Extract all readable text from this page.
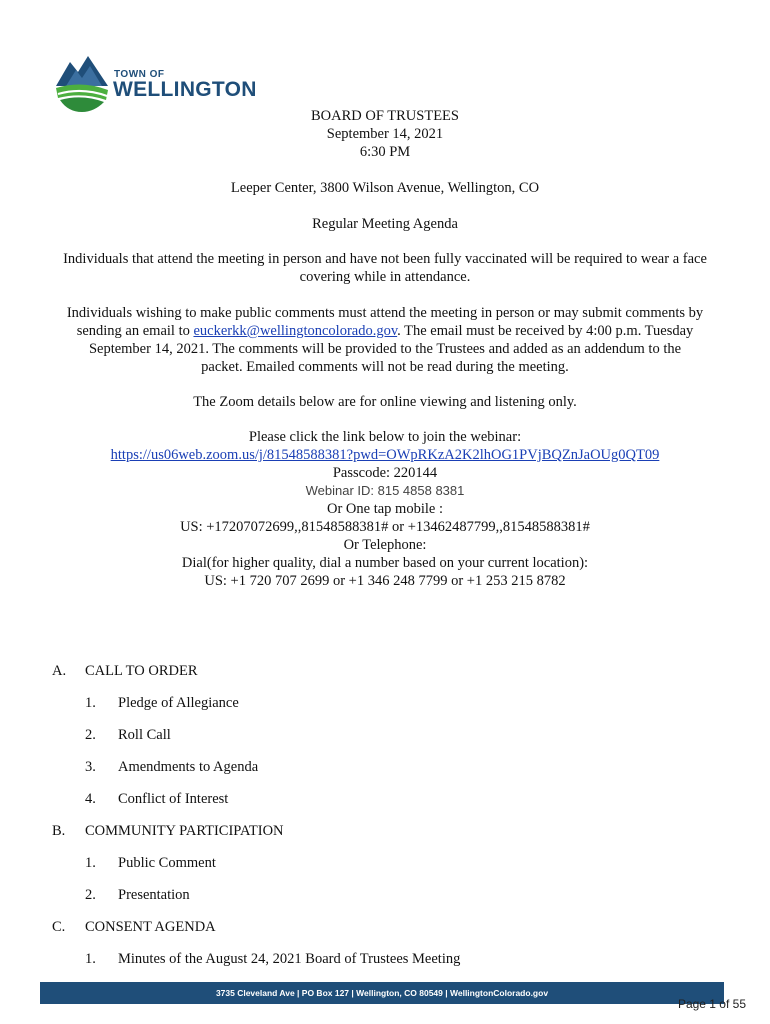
TOWN OF
WELLINGTON
BOARD OF TRUSTEES
September 14, 2021
6:30 PM
Leeper Center, 3800 Wilson Avenue, Wellington, CO
Regular Meeting Agenda
Individuals that attend the meeting in person and have not been fully vaccinated will be required to wear a face
covering while in attendance.
Individuals wishing to make public comments must attend the meeting in person or may submit comments by
sending an email to euckerkk@wellingtoncolorado.gov. The email must be received by 4:00 p.m. Tuesday
September 14, 2021. The comments will be provided to the Trustees and added as an addendum to the
packet. Emailed comments will not be read during the meeting.
The Zoom details below are for online viewing and listening only.
Please click the link below to join the webinar:
https://us06web.zoom.us/j/81548588381?pwd=OWpRKzA2K2lhOG1PVjBQZnJaOUg0QT09
Passcode: 220144
Webinar ID: 815 4858 8381
Or One tap mobile :
US: +17207072699,,81548588381# or +13462487799,,81548588381#
Or Telephone:
Dial(for higher quality, dial a number based on your current location):
US: +1 720 707 2699 or +1 346 248 7799 or +1 253 215 8782
A. CALL TO ORDER
1. Pledge of Allegiance
2. Roll Call
3. Amendments to Agenda
4. Conflict of Interest
B. COMMUNITY PARTICIPATION
1. Public Comment
2. Presentation
C. CONSENT AGENDA
1. Minutes of the August 24, 2021 Board of Trustees Meeting
3735 Cleveland Ave | PO Box 127 | Wellington, CO 80549 | WellingtonColorado.gov
Page 1 of 55
